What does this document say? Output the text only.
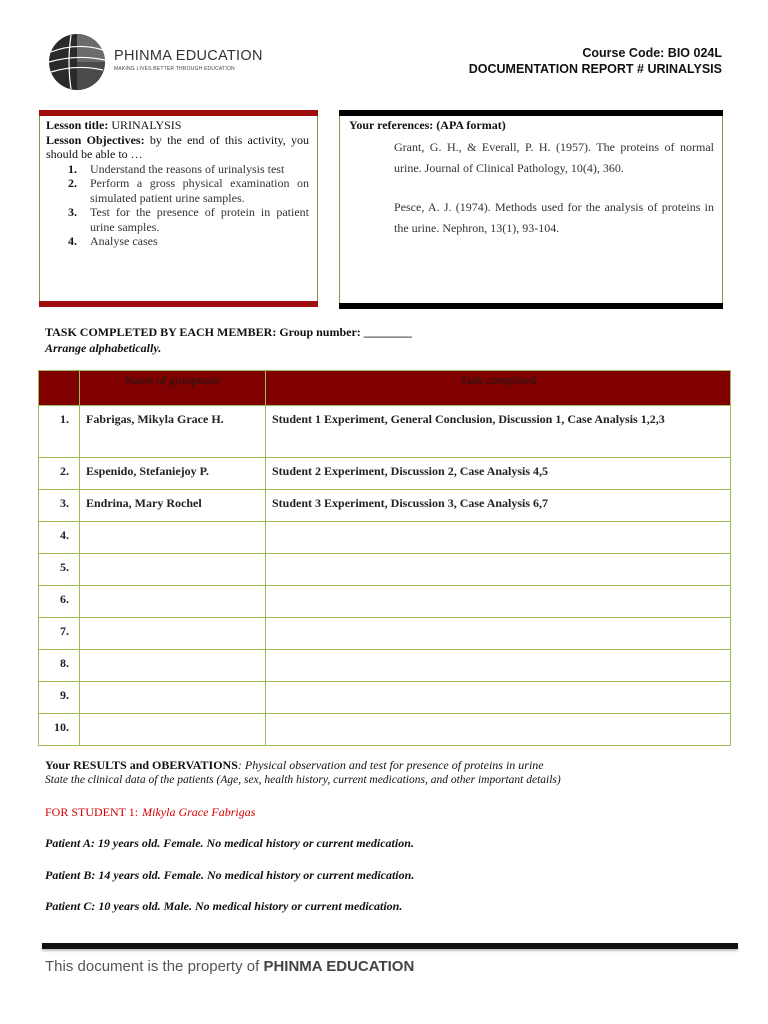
PHINMA EDUCATION
MAKING LIVES BETTER THROUGH EDUCATION
Course Code: BIO 024L
DOCUMENTATION REPORT # URINALYSIS
Lesson title: URINALYSIS
Lesson Objectives: by the end of this activity, you should be able to …
1. Understand the reasons of urinalysis test
2. Perform a gross physical examination on simulated patient urine samples.
3. Test for the presence of protein in patient urine samples.
4. Analyse cases
Your references: (APA format)
Grant, G. H., & Everall, P. H. (1957). The proteins of normal urine. Journal of Clinical Pathology, 10(4), 360.
Pesce, A. J. (1974). Methods used for the analysis of proteins in the urine. Nephron, 13(1), 93-104.
TASK COMPLETED BY EACH MEMBER: Group number: ________
Arrange alphabetically.
	Name of groupmate	Task completed
1.	Fabrigas, Mikyla Grace H.	Student 1 Experiment, General Conclusion, Discussion 1, Case Analysis 1,2,3
2.	Espenido, Stefaniejoy P.	Student 2 Experiment, Discussion 2, Case Analysis 4,5
3.	Endrina, Mary Rochel	Student 3 Experiment, Discussion 3, Case Analysis 6,7
4.		
5.		
6.		
7.		
8.		
9.		
10.		
Your RESULTS and OBERVATIONS: Physical observation and test for presence of proteins in urine
State the clinical data of the patients (Age, sex, health history, current medications, and other important details)
FOR STUDENT 1: Mikyla Grace Fabrigas
Patient A: 19 years old. Female. No medical history or current medication.
Patient B: 14 years old. Female. No medical history or current medication.
Patient C: 10 years old. Male. No medical history or current medication.
This document is the property of PHINMA EDUCATION
